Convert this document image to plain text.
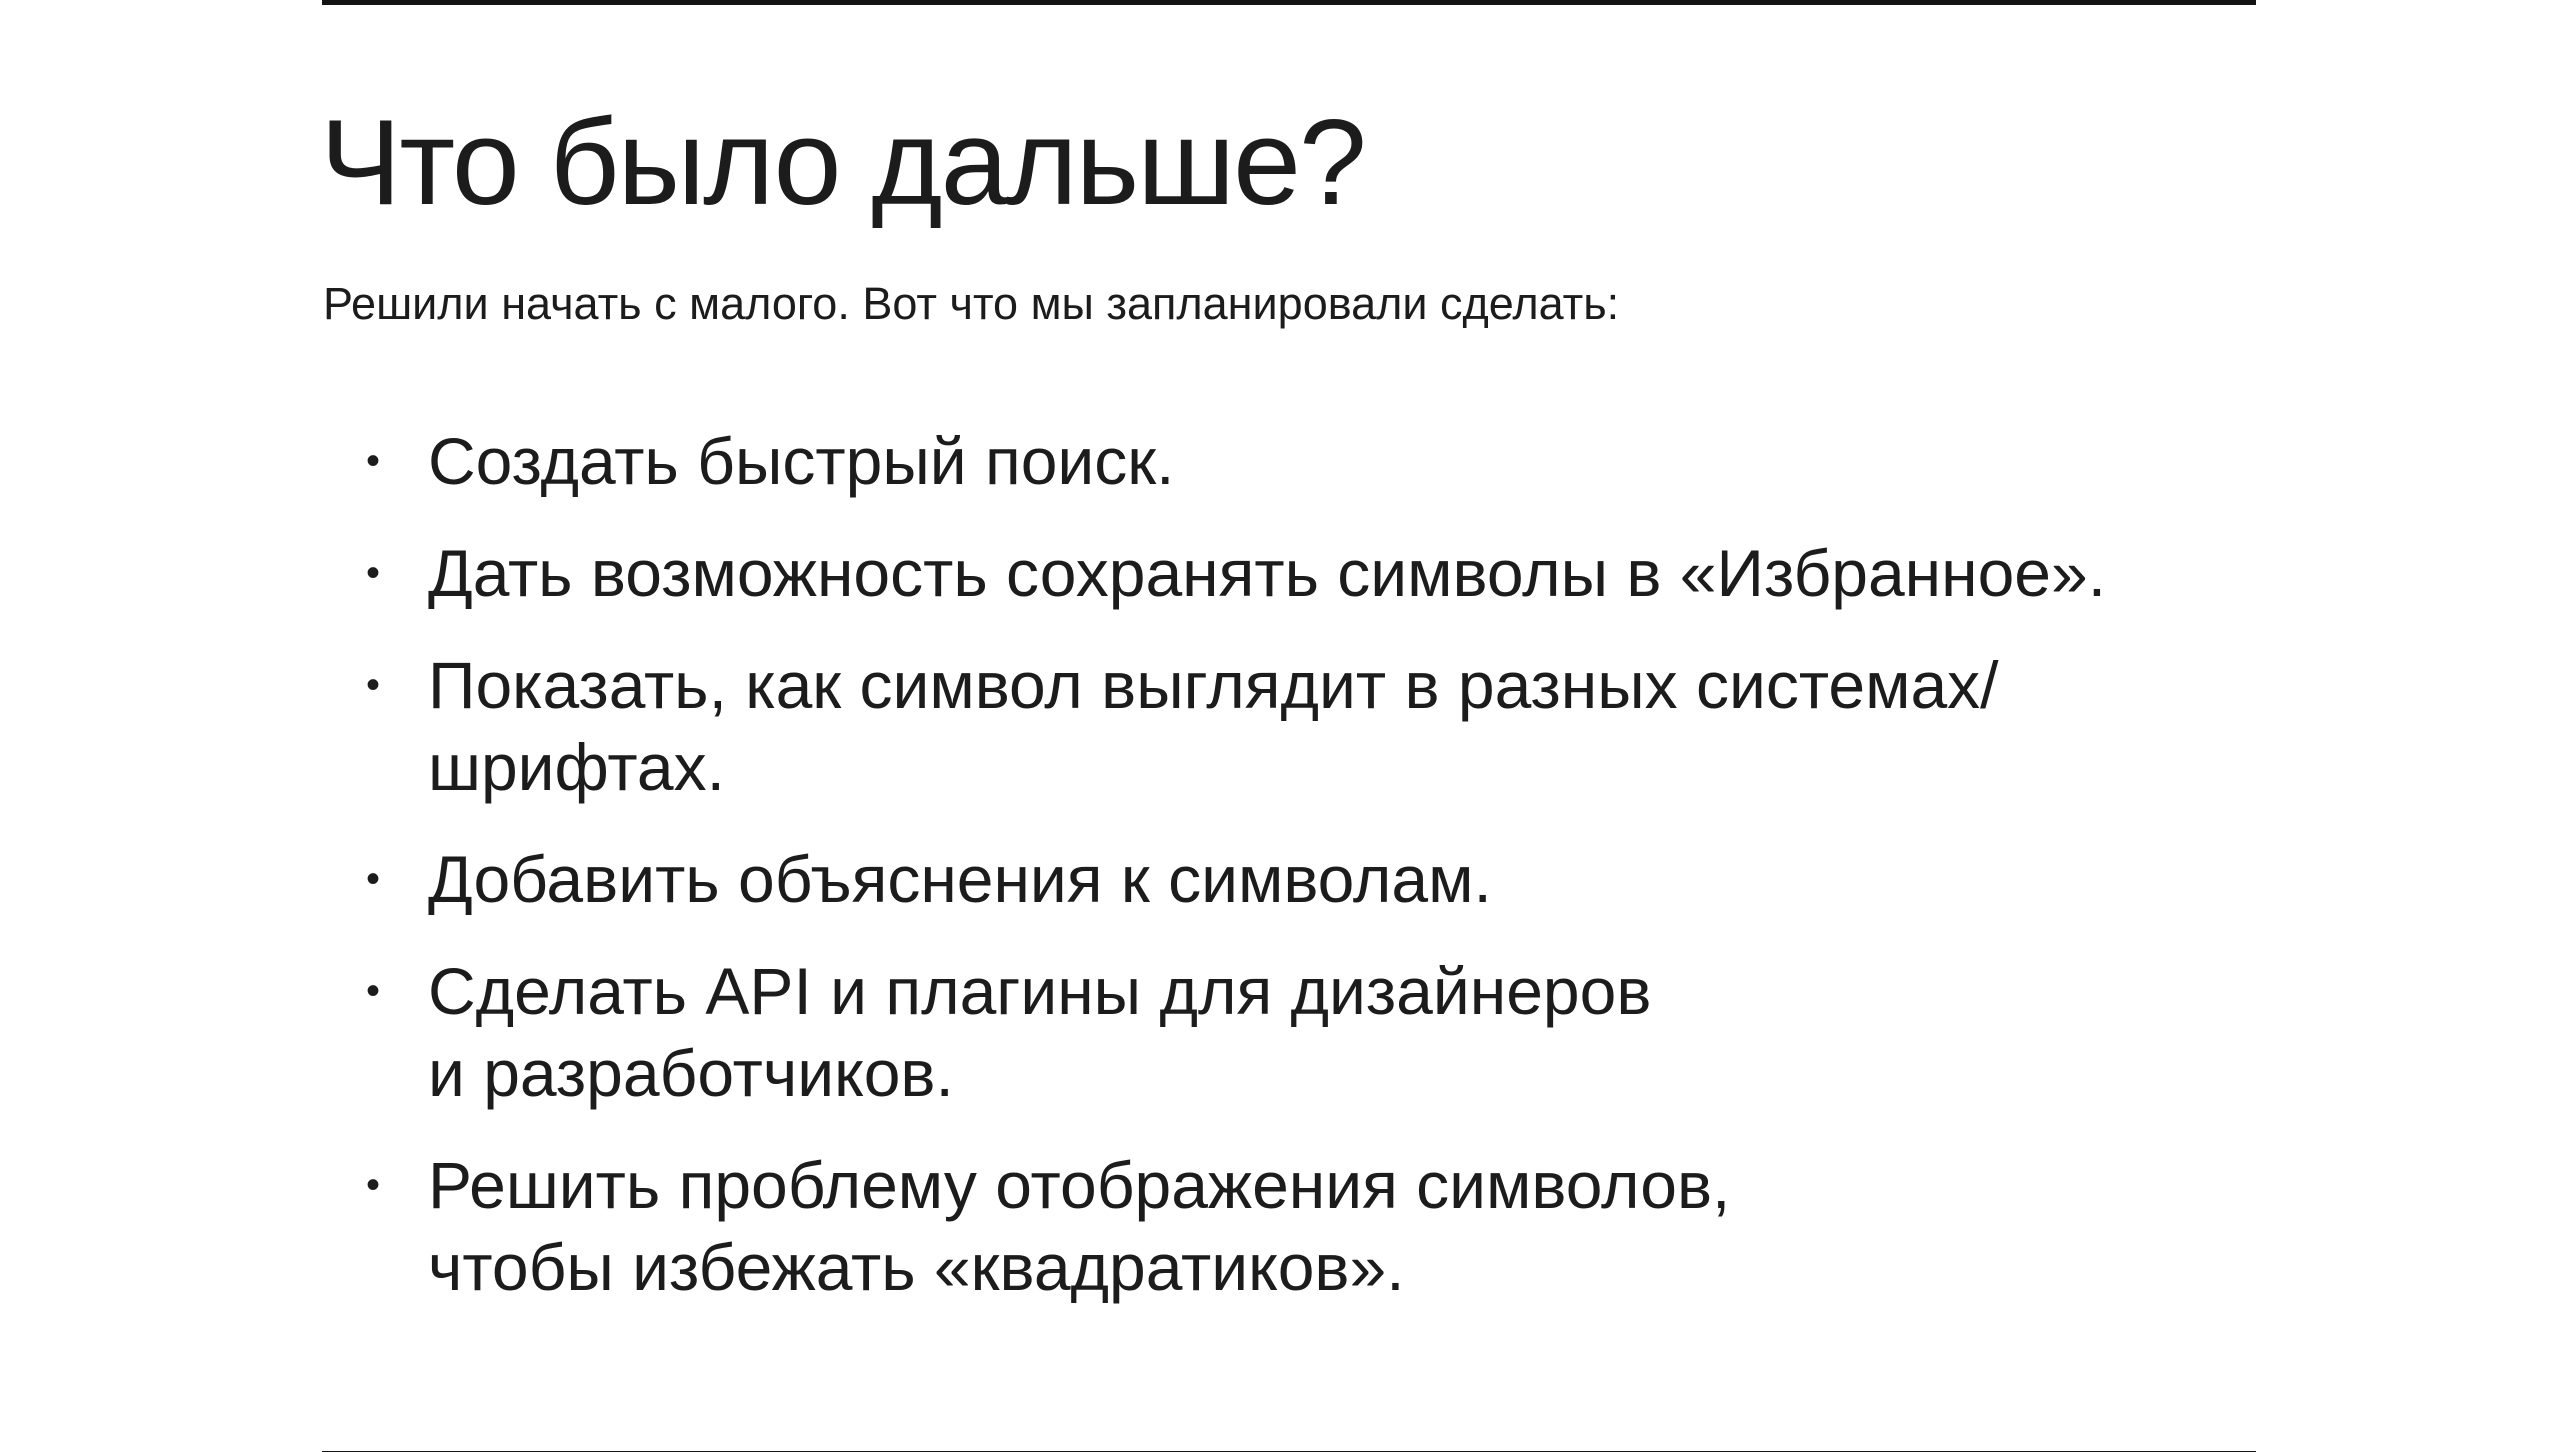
Что было дальше?

Решили начать с малого. Вот что мы запланировали сделать:

• Создать быстрый поиск.
• Дать возможность сохранять символы в «Избранное».
• Показать, как символ выглядит в разных системах/
шрифтах.
• Добавить объяснения к символам.
• Сделать API и плагины для дизайнеров
и разработчиков.
• Решить проблему отображения символов,
чтобы избежать «квадратиков».
